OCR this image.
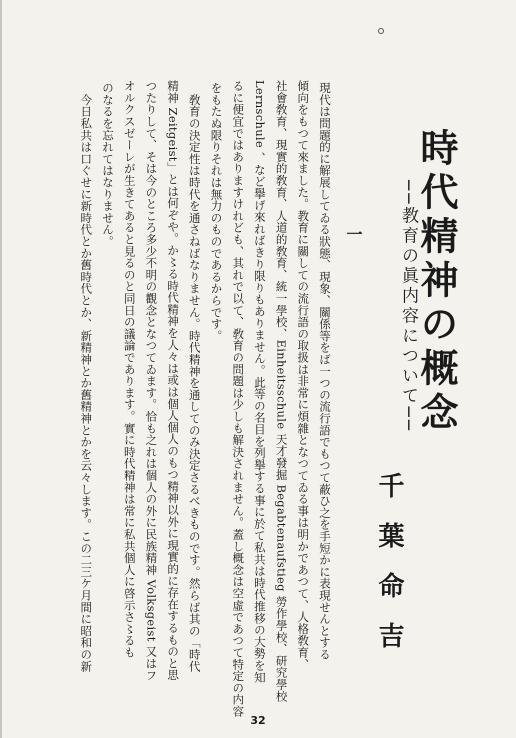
時代精神の概念
──教育の眞内容について──
千葉命吉
一
現代は問題的に解展してゐる狀態、現象、關係等をば一つの流行語でもつて蔽ひ之を手短かに表現せんとする
傾向をもつて來ました。教育に關しての流行語の取扱は非常に煩雜となつてゐる事は明かであつて、人格敎育、
社會敎育、現實的敎育、人道的敎育、統一學校、Einheitsschule 天才發掘 Begabtenaufstieg 勞作學校、研究學校
Lernschule 、など擧げ來ればきり限りもありません。此等の名目を列擧する事に於て私共は時代推移の大勢を知
るに便宜ではありますけれども、其れで以て、敎育の問題は少しも解決されません。蓋し概念は空虛であつて特定の内容
をもたぬ限りそれは無力のものであるからです。
　敎育の決定性は時代を通さねばなりません。時代精神を通してのみ決定さるべきものです。然らば其の「時代
精神 Zeitgeist」とは何ぞや。か〻る時代精神を人々は或は個人個人のもつ精神以外に現實的に存在するものと思
つたりして、そは今のところ多少不明の觀念となつてゐます。恰も之れは個人の外に民族精神 Volksgeist 又はフ
オルクスゼーレが生きてあると見るのと同日の議論であります。實に時代精神は常に私共個人に啓示さ〻るも
のなるを忘れてはなりません。
　今日私共は口ぐせに新時代とか舊時代とか、新精神とか舊精神とかを云々します。この二三ケ月間に昭和の新
32
